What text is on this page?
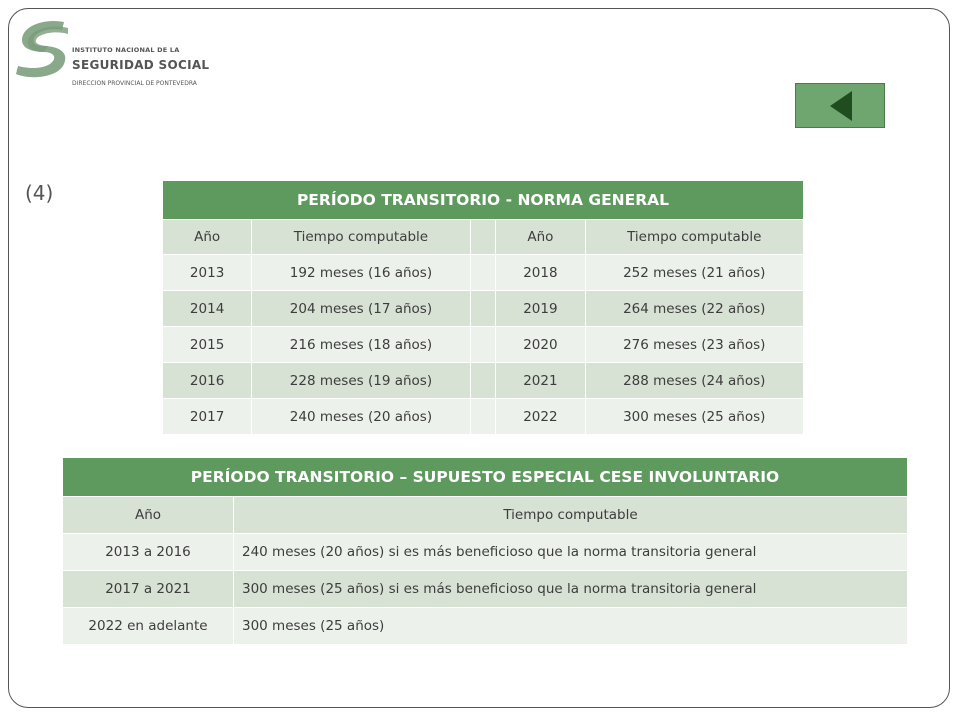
INSTITUTO NACIONAL DE LA
SEGURIDAD SOCIAL
DIRECCION PROVINCIAL DE PONTEVEDRA
(4)	PERÍODO TRANSITORIO - NORMA GENERAL				
Año	Tiempo computable		Año	Tiempo computable
2013	192 meses (16 años)		2018	252 meses (21 años)
2014	204 meses (17 años)		2019	264 meses (22 años)
2015	216 meses (18 años)		2020	276 meses (23 años)
2016	228 meses (19 años)		2021	288 meses (24 años)
2017	240 meses (20 años)		2022	300 meses (25 años)
PERÍODO TRANSITORIO – SUPUESTO ESPECIAL CESE INVOLUNTARIO	
Año	Tiempo computable
2013 a 2016	240 meses (20 años) si es más beneficioso que la norma transitoria general
2017 a 2021	300 meses (25 años) si es más beneficioso que la norma transitoria general
2022 en adelante	300 meses (25 años)
